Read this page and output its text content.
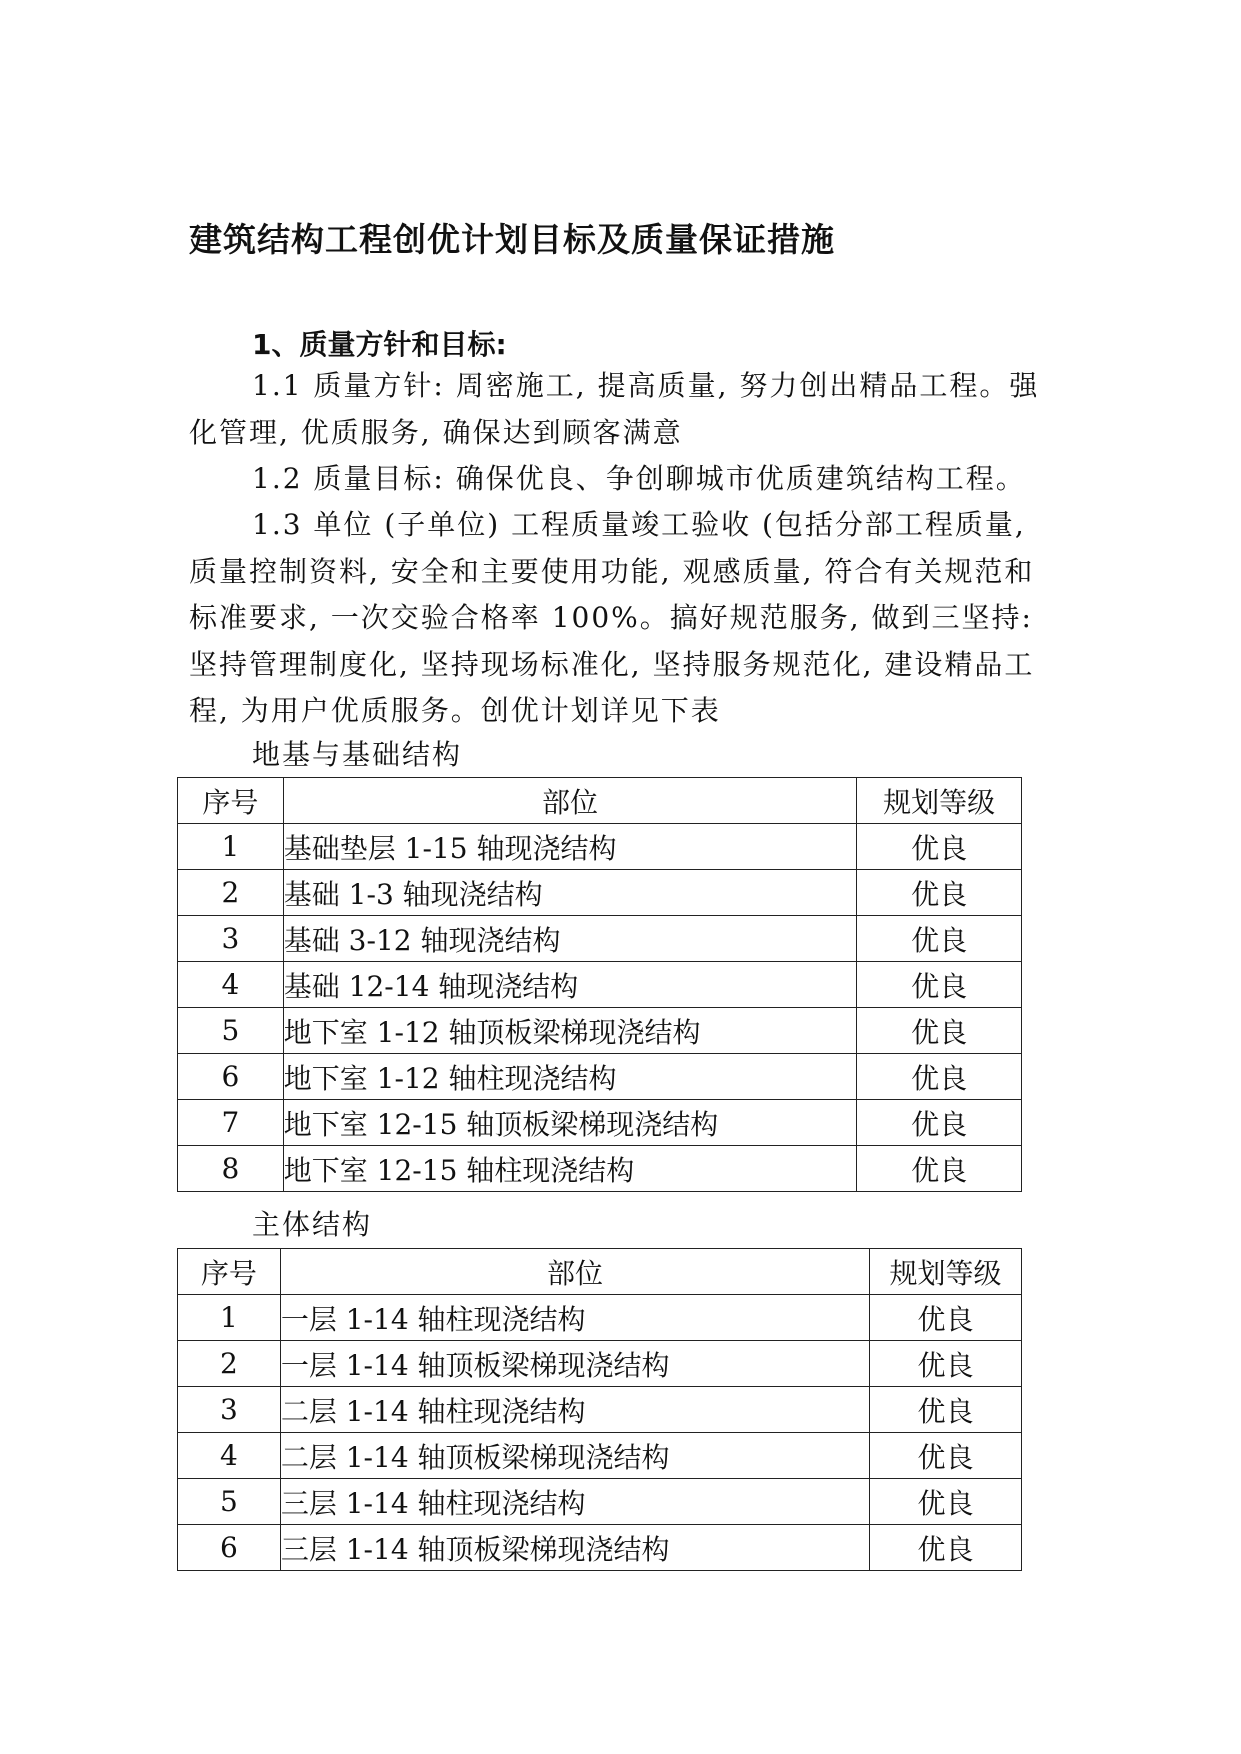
建筑结构工程创优计划目标及质量保证措施
1、质量方针和目标:
1.1 质量方针: 周密施工, 提高质量, 努力创出精品工程。强化管理, 优质服务, 确保达到顾客满意
1.2 质量目标: 确保优良、争创聊城市优质建筑结构工程。
1.3 单位 (子单位) 工程质量竣工验收 (包括分部工程质量, 质量控制资料, 安全和主要使用功能, 观感质量, 符合有关规范和标准要求, 一次交验合格率 100%。搞好规范服务, 做到三坚持: 坚持管理制度化, 坚持现场标准化, 坚持服务规范化, 建设精品工程, 为用户优质服务。创优计划详见下表
地基与基础结构
序号	部位	规划等级
1	基础垫层 1-15 轴现浇结构	优良
2	基础 1-3 轴现浇结构	优良
3	基础 3-12 轴现浇结构	优良
4	基础 12-14 轴现浇结构	优良
5	地下室 1-12 轴顶板梁梯现浇结构	优良
6	地下室 1-12 轴柱现浇结构	优良
7	地下室 12-15 轴顶板梁梯现浇结构	优良
8	地下室 12-15 轴柱现浇结构	优良
主体结构
序号	部位	规划等级
1	一层 1-14 轴柱现浇结构	优良
2	一层 1-14 轴顶板梁梯现浇结构	优良
3	二层 1-14 轴柱现浇结构	优良
4	二层 1-14 轴顶板梁梯现浇结构	优良
5	三层 1-14 轴柱现浇结构	优良
6	三层 1-14 轴顶板梁梯现浇结构	优良
